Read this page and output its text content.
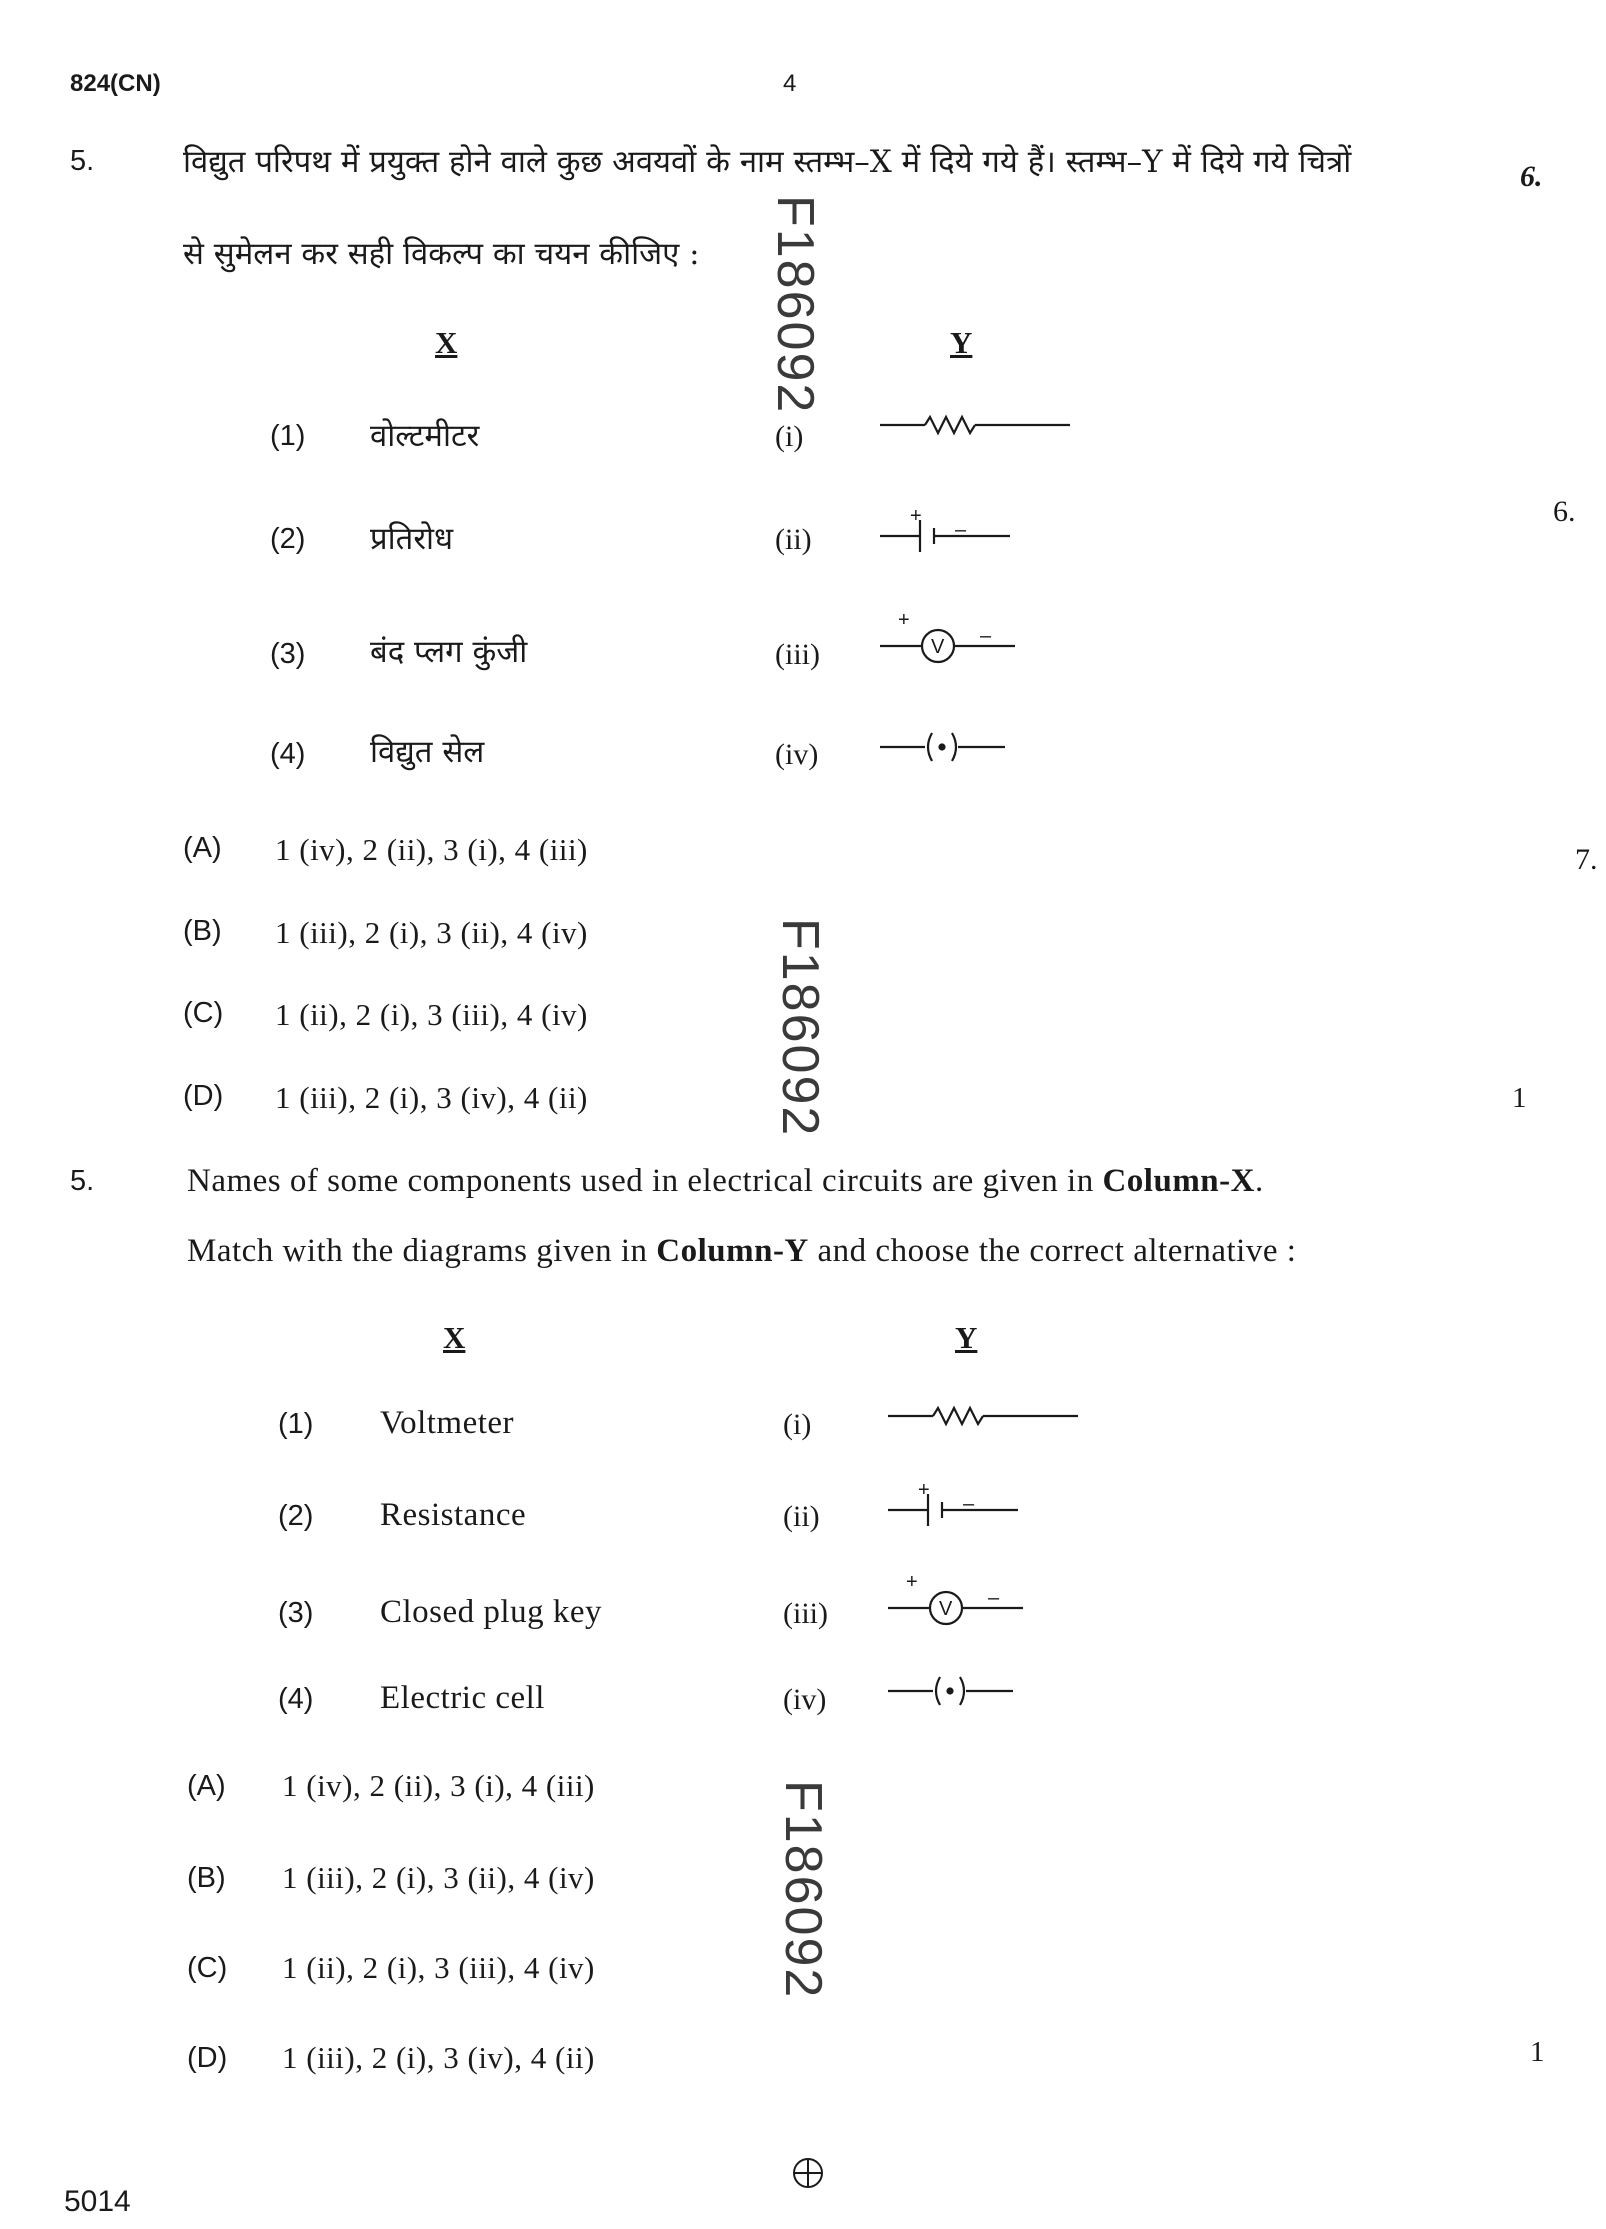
824(CN)	4
6.
6.
7.
5.	विद्युत परिपथ में प्रयुक्त होने वाले कुछ अवयवों के नाम स्तम्भ–X में दिये गये हैं। स्तम्भ–Y में दिये गये चित्रों
से सुमेलन कर सही विकल्प का चयन कीजिए :
X	Y
(1) वोल्टमीटर	(i)
(2) प्रतिरोध	(ii)
(3) बंद प्लग कुंजी	(iii)
(4) विद्युत सेल	(iv)
+
–
+
–
V
(A) 1 (iv), 2 (ii), 3 (i), 4 (iii)
(B) 1 (iii), 2 (i), 3 (ii), 4 (iv)
(C) 1 (ii), 2 (i), 3 (iii), 4 (iv)
(D) 1 (iii), 2 (i), 3 (iv), 4 (ii)	1
5.	Names of some components used in electrical circuits are given in Column-X.
Match with the diagrams given in Column-Y and choose the correct alternative :
X	Y
(1) Voltmeter	(i)
(2) Resistance	(ii)
(3) Closed plug key	(iii)
(4) Electric cell	(iv)
+
–
+
–
V
(A) 1 (iv), 2 (ii), 3 (i), 4 (iii)
(B) 1 (iii), 2 (i), 3 (ii), 4 (iv)
(C) 1 (ii), 2 (i), 3 (iii), 4 (iv)
(D) 1 (iii), 2 (i), 3 (iv), 4 (ii)	1
F186092
F186092
F186092
5014
